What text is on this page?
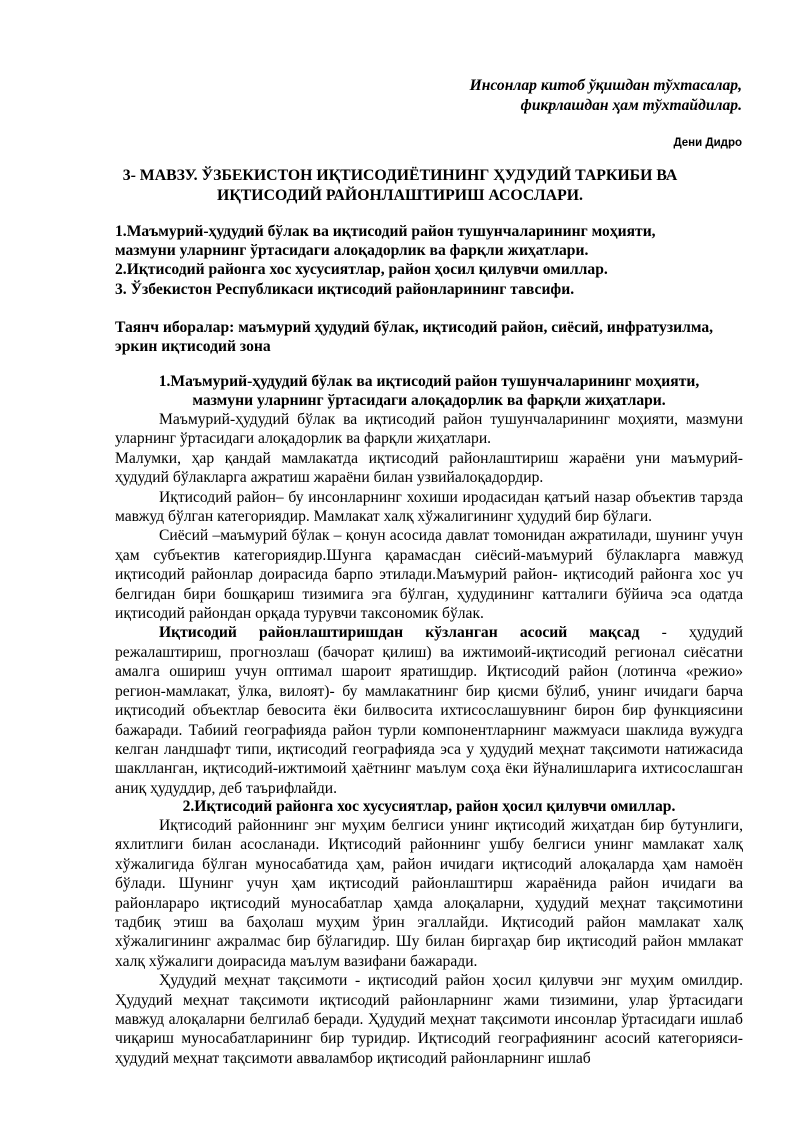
Инсонлар китоб ўқишдан тўхтасалар,
фикрлашдан ҳам тўхтайдилар.
Дени Дидро
3- МАВЗУ. ЎЗБЕКИСТОН ИҚТИСОДИЁТИНИНГ ҲУДУДИЙ ТАРКИБИ ВА
ИҚТИСОДИЙ РАЙОНЛАШТИРИШ АСОСЛАРИ.
1.Маъмурий-ҳудудий бўлак ва иқтисодий район тушунчаларининг моҳияти,
мазмуни уларнинг ўртасидаги алоқадорлик ва фарқли жиҳатлари.
2.Иқтисодий районга хос хусусиятлар, район ҳосил қилувчи омиллар.
3. Ўзбекистон Республикаси иқтисодий районларининг тавсифи.
Таянч иборалар: маъмурий ҳудудий бўлак, иқтисодий район, сиёсий, инфратузилма,
эркин иқтисодий зона
1.Маъмурий-ҳудудий бўлак ва иқтисодий район тушунчаларининг моҳияти,
мазмуни уларнинг ўртасидаги алоқадорлик ва фарқли жиҳатлари.

Маъмурий-ҳудудий бўлак ва иқтисодий район тушунчаларининг моҳияти, мазмуни уларнинг ўртасидаги алоқадорлик ва фарқли жиҳатлари.

Малумки, ҳар қандай мамлакатда иқтисодий районлаштириш жараёни уни маъмурий-ҳудудий бўлакларга ажратиш жараёни билан узвийалоқадордир.

Иқтисодий район– бу инсонларнинг хохиши иродасидан қатъий назар объектив тарзда мавжуд бўлган категориядир. Мамлакат халқ хўжалигининг ҳудудий бир бўлаги.

Сиёсий –маъмурий бўлак – қонун асосида давлат томонидан ажратилади, шунинг учун ҳам субъектив категориядир.Шунга қарамасдан сиёсий-маъмурий бўлакларга мавжуд иқтисодий районлар доирасида барпо этилади.Маъмурий район- иқтисодий районга хос уч белгидан бири бошқариш тизимига эга бўлган, ҳудудининг катталиги бўйича эса одатда иқтисодий райондан орқада турувчи таксономик бўлак.

Иқтисодий районлаштиришдан кўзланган асосий мақсад - ҳудудий режалаштириш, прогнозлаш (бачорат қилиш) ва ижтимоий-иқтисодий регионал сиёсатни амалга ошириш учун оптимал шароит яратишдир. Иқтисодий район (лотинча «режио» регион-мамлакат, ўлка, вилоят)- бу мамлакатнинг бир қисми бўлиб, унинг ичидаги барча иқтисодий объектлар бевосита ёки билвосита ихтисослашувнинг бирон бир функциясини бажаради. Табиий географияда район турли компонентларнинг мажмуаси шаклида вужудга келган ландшафт типи, иқтисодий географияда эса у ҳудудий меҳнат тақсимоти натижасида шаклланган, иқтисодий-ижтимоий ҳаётнинг маълум соҳа ёки йўналишларига ихтисослашган аниқ ҳудуддир, деб таърифлайди.

2.Иқтисодий районга хос хусусиятлар, район ҳосил қилувчи омиллар.

Иқтисодий районнинг энг муҳим белгиси унинг иқтисодий жиҳатдан бир бутунлиги, яхлитлиги билан асосланади. Иқтисодий районнинг ушбу белгиси унинг мамлакат халқ хўжалигида бўлган муносабатида ҳам, район ичидаги иқтисодий алоқаларда ҳам намоён бўлади. Шунинг учун ҳам иқтисодий районлаштирш жараёнида район ичидаги ва районлараро иқтисодий муносабатлар ҳамда алоқаларни, ҳудудий меҳнат тақсимотини тадбиқ этиш ва баҳолаш муҳим ўрин эгаллайди. Иқтисодий район мамлакат халқ хўжалигининг ажралмас бир бўлагидир. Шу билан биргаҳар бир иқтисодий район ммлакат халқ хўжалиги доирасида маълум вазифани бажаради.

Ҳудудий меҳнат тақсимоти - иқтисодий район ҳосил қилувчи энг муҳим омилдир. Ҳудудий меҳнат тақсимоти иқтисодий районларнинг жами тизимини, улар ўртасидаги мавжуд алоқаларни белгилаб беради. Ҳудудий меҳнат тақсимоти инсонлар ўртасидаги ишлаб чиқариш муносабатларининг бир туридир. Иқтисодий географиянинг асосий категорияси-ҳудудий меҳнат тақсимоти авваламбор иқтисодий районларнинг ишлаб
